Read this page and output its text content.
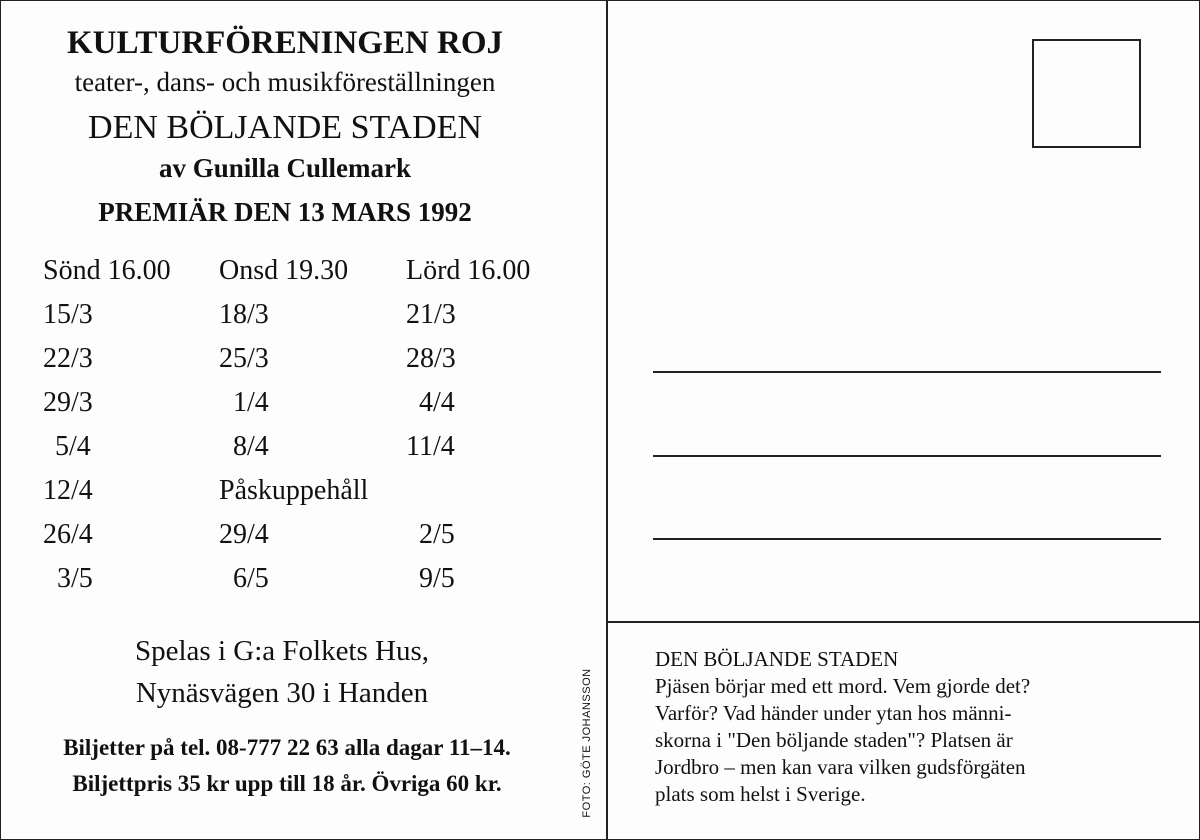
KULTURFÖRENINGEN ROJ
teater-, dans- och musikföreställningen
DEN BÖLJANDE STADEN
av Gunilla Cullemark
PREMIÄR DEN 13 MARS 1992
Sönd 16.00 Onsd 19.30 Lörd 16.00
15/3	18/3	21/3
22/3	25/3	28/3
29/3	1/4	4/4
5/4	8/4	11/4
12/4	Påskuppehåll
26/4	29/4	2/5
3/5	6/5	9/5
Spelas i G:a Folkets Hus,
Nynäsvägen 30 i Handen
Biljetter på tel. 08-777 22 63 alla dagar 11–14.
Biljettpris 35 kr upp till 18 år. Övriga 60 kr.	FOTO: GÖTE JOHANSSON
DEN BÖLJANDE STADEN
Pjäsen börjar med ett mord. Vem gjorde det?
Varför? Vad händer under ytan hos männi-
skorna i "Den böljande staden"? Platsen är
Jordbro – men kan vara vilken gudsförgäten
plats som helst i Sverige.
